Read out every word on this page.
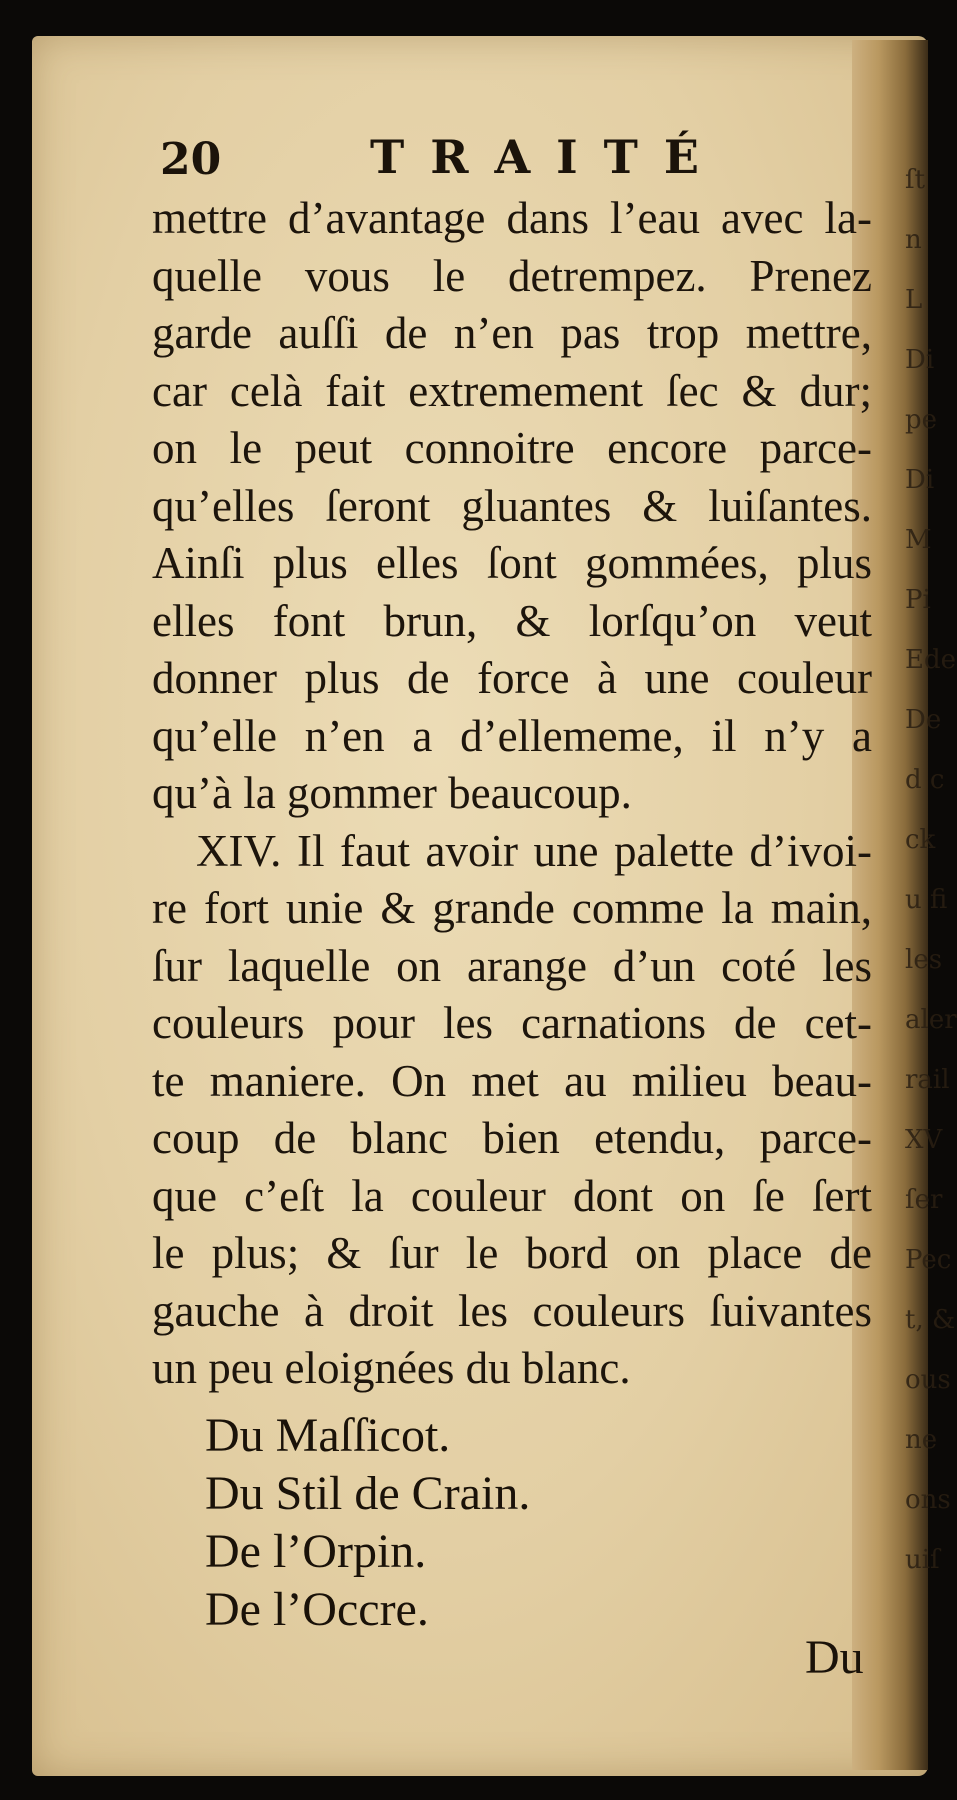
ſt
n
L
Di
pe
Di
M
Pi
Ede
De
d c
ck
u fi
les
aler
rail
XV
ſer
Pec
t, &
ous
ne
ons
uiſ
20	TRAITÉ
mettre d’avantage dans l’eau avec la-
quelle vous le detrempez. Prenez
garde auſſi de n’en pas trop mettre,
car celà fait extremement ſec & dur;
on le peut connoitre encore parce-
qu’elles ſeront gluantes & luiſantes.
Ainſi plus elles ſont gommées, plus
elles font brun, & lorſqu’on veut
donner plus de force à une couleur
qu’elle n’en a d’ellememe, il n’y a
qu’à la gommer beaucoup.
XIV. Il faut avoir une palette d’ivoi-
re fort unie & grande comme la main,
ſur laquelle on arange d’un coté les
couleurs pour les carnations de cet-
te maniere. On met au milieu beau-
coup de blanc bien etendu, parce-
que c’eſt la couleur dont on ſe ſert
le plus; & ſur le bord on place de
gauche à droit les couleurs ſuivantes
un peu eloignées du blanc.
Du Maſſicot.
Du Stil de Crain.
De l’Orpin.
De l’Occre.
Du
